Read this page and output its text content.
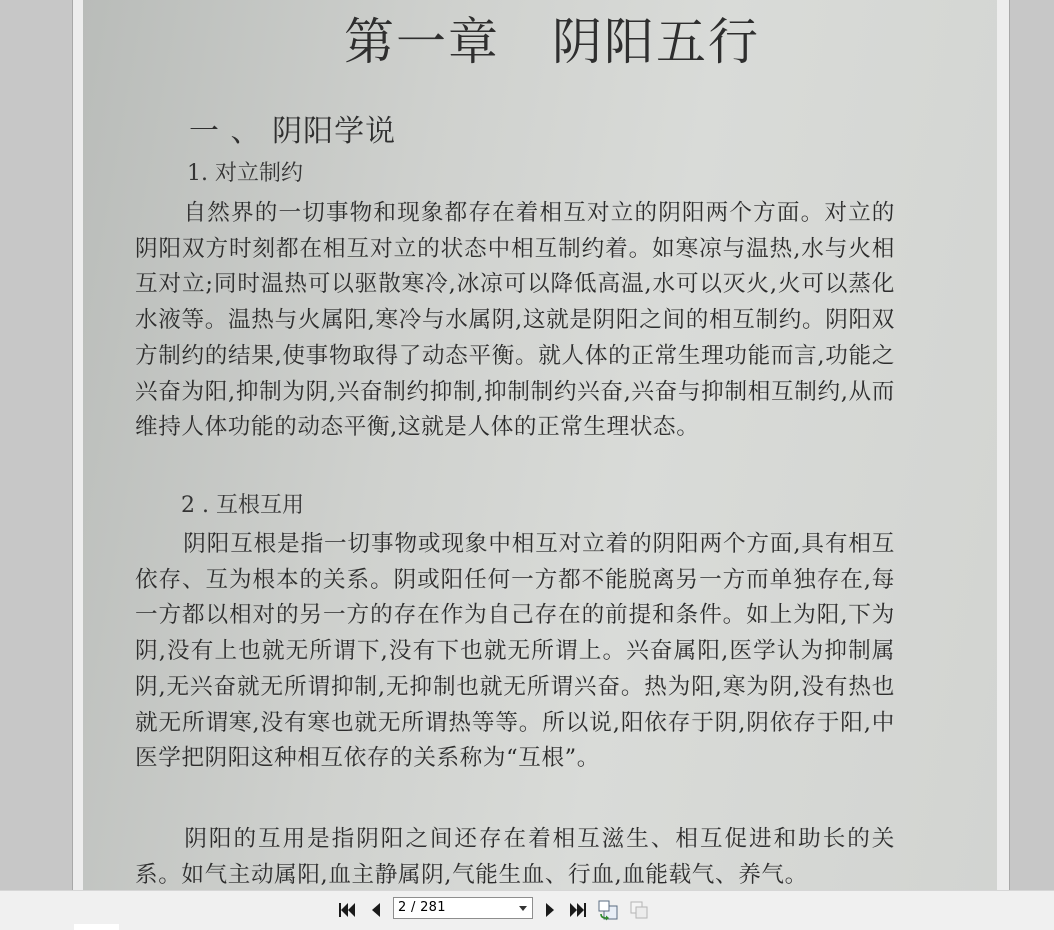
第一章　阴阳五行
一 、 阴阳学说
1. 对立制约
自然界的一切事物和现象都存在着相互对立的阴阳两个方面。对立的阴阳双方时刻都在相互对立的状态中相互制约着。如寒凉与温热,水与火相互对立;同时温热可以驱散寒冷,冰凉可以降低高温,水可以灭火,火可以蒸化水液等。温热与火属阳,寒冷与水属阴,这就是阴阳之间的相互制约。阴阳双方制约的结果,使事物取得了动态平衡。就人体的正常生理功能而言,功能之兴奋为阳,抑制为阴,兴奋制约抑制,抑制制约兴奋,兴奋与抑制相互制约,从而维持人体功能的动态平衡,这就是人体的正常生理状态。
2 . 互根互用
阴阳互根是指一切事物或现象中相互对立着的阴阳两个方面,具有相互依存、互为根本的关系。阴或阳任何一方都不能脱离另一方而单独存在,每一方都以相对的另一方的存在作为自己存在的前提和条件。如上为阳,下为阴,没有上也就无所谓下,没有下也就无所谓上。兴奋属阳,医学认为抑制属阴,无兴奋就无所谓抑制,无抑制也就无所谓兴奋。热为阳,寒为阴,没有热也就无所谓寒,没有寒也就无所谓热等等。所以说,阳依存于阴,阴依存于阳,中医学把阴阳这种相互依存的关系称为“互根”。
阴阳的互用是指阴阳之间还存在着相互滋生、相互促进和助长的关系。如气主动属阳,血主静属阴,气能生血、行血,血能载气、养气。
2 / 281
